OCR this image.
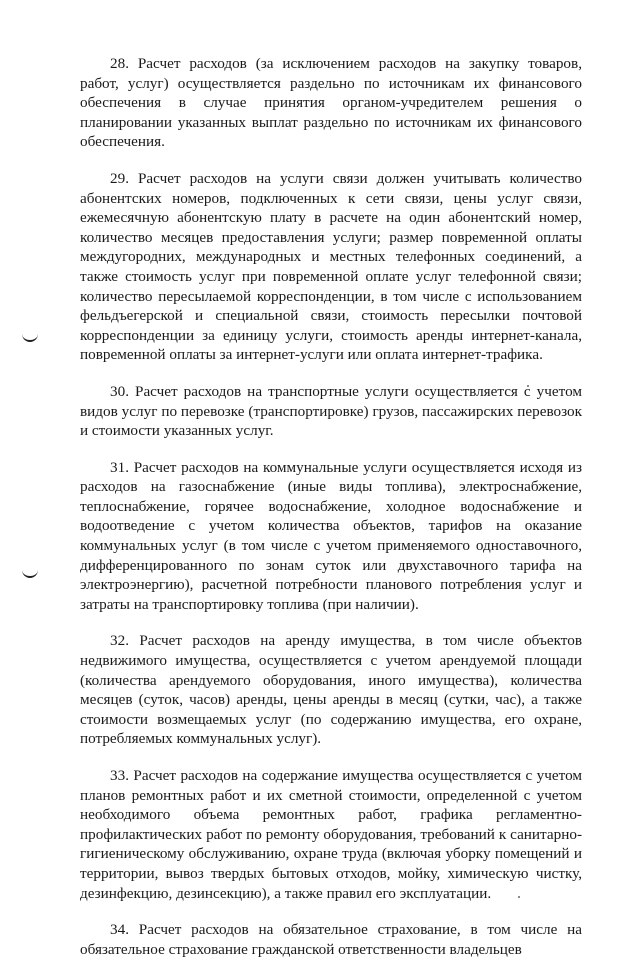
28. Расчет расходов (за исключением расходов на закупку товаров, работ, услуг) осуществляется раздельно по источникам их финансового обеспечения в случае принятия органом-учредителем решения о планировании указанных выплат раздельно по источникам их финансового обеспечения.

29. Расчет расходов на услуги связи должен учитывать количество абонентских номеров, подключенных к сети связи, цены услуг связи, ежемесячную абонентскую плату в расчете на один абонентский номер, количество месяцев предоставления услуги; размер повременной оплаты междугородних, международных и местных телефонных соединений, а также стоимость услуг при повременной оплате услуг телефонной связи; количество пересылаемой корреспонденции, в том числе с использованием фельдъегерской и специальной связи, стоимость пересылки почтовой корреспонденции за единицу услуги, стоимость аренды интернет-канала, повременной оплаты за интернет-услуги или оплата интернет-трафика.

30. Расчет расходов на транспортные услуги осуществляется с учетом видов услуг по перевозке (транспортировке) грузов, пассажирских перевозок и стоимости указанных услуг.

31. Расчет расходов на коммунальные услуги осуществляется исходя из расходов на газоснабжение (иные виды топлива), электроснабжение, теплоснабжение, горячее водоснабжение, холодное водоснабжение и водоотведение с учетом количества объектов, тарифов на оказание коммунальных услуг (в том числе с учетом применяемого одноставочного, дифференцированного по зонам суток или двухставочного тарифа на электроэнергию), расчетной потребности планового потребления услуг и затраты на транспортировку топлива (при наличии).

32. Расчет расходов на аренду имущества, в том числе объектов недвижимого имущества, осуществляется с учетом арендуемой площади (количества арендуемого оборудования, иного имущества), количества месяцев (суток, часов) аренды, цены аренды в месяц (сутки, час), а также стоимости возмещаемых услуг (по содержанию имущества, его охране, потребляемых коммунальных услуг).

33. Расчет расходов на содержание имущества осуществляется с учетом планов ремонтных работ и их сметной стоимости, определенной с учетом необходимого объема ремонтных работ, графика регламентно-профилактических работ по ремонту оборудования, требований к санитарно-гигиеническому обслуживанию, охране труда (включая уборку помещений и территории, вывоз твердых бытовых отходов, мойку, химическую чистку, дезинфекцию, дезинсекцию), а также правил его эксплуатации.

34. Расчет расходов на обязательное страхование, в том числе на обязательное страхование гражданской ответственности владельцев
